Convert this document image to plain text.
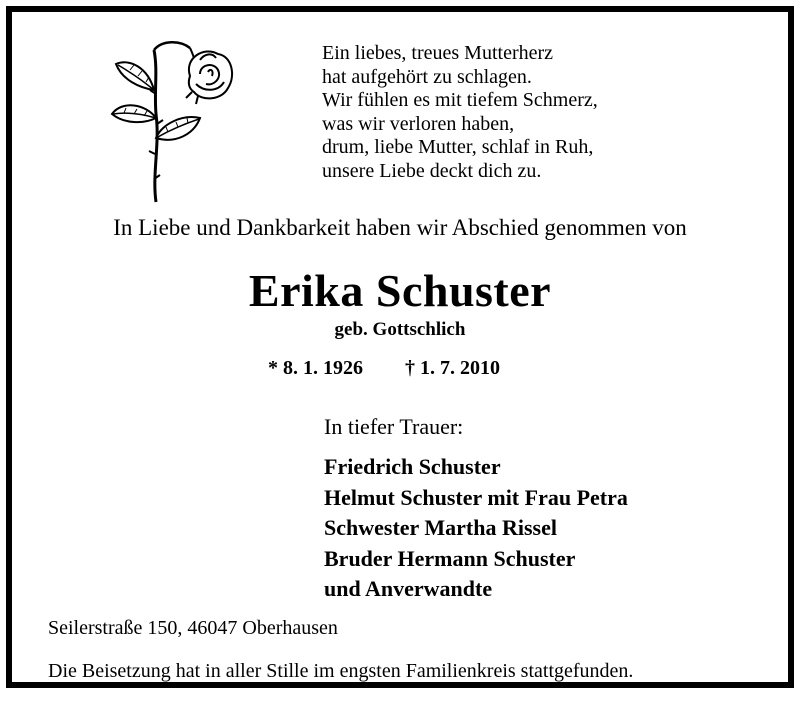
Ein liebes, treues Mutterherz
hat aufgehört zu schlagen.
Wir fühlen es mit tiefem Schmerz,
was wir verloren haben,
drum, liebe Mutter, schlaf in Ruh,
unsere Liebe deckt dich zu.
In Liebe und Dankbarkeit haben wir Abschied genommen von
Erika Schuster
geb. Gottschlich
* 8. 1. 1926 † 1. 7. 2010
In tiefer Trauer:
Friedrich Schuster
Helmut Schuster mit Frau Petra
Schwester Martha Rissel
Bruder Hermann Schuster
und Anverwandte
Seilerstraße 150, 46047 Oberhausen
Die Beisetzung hat in aller Stille im engsten Familienkreis stattgefunden.
